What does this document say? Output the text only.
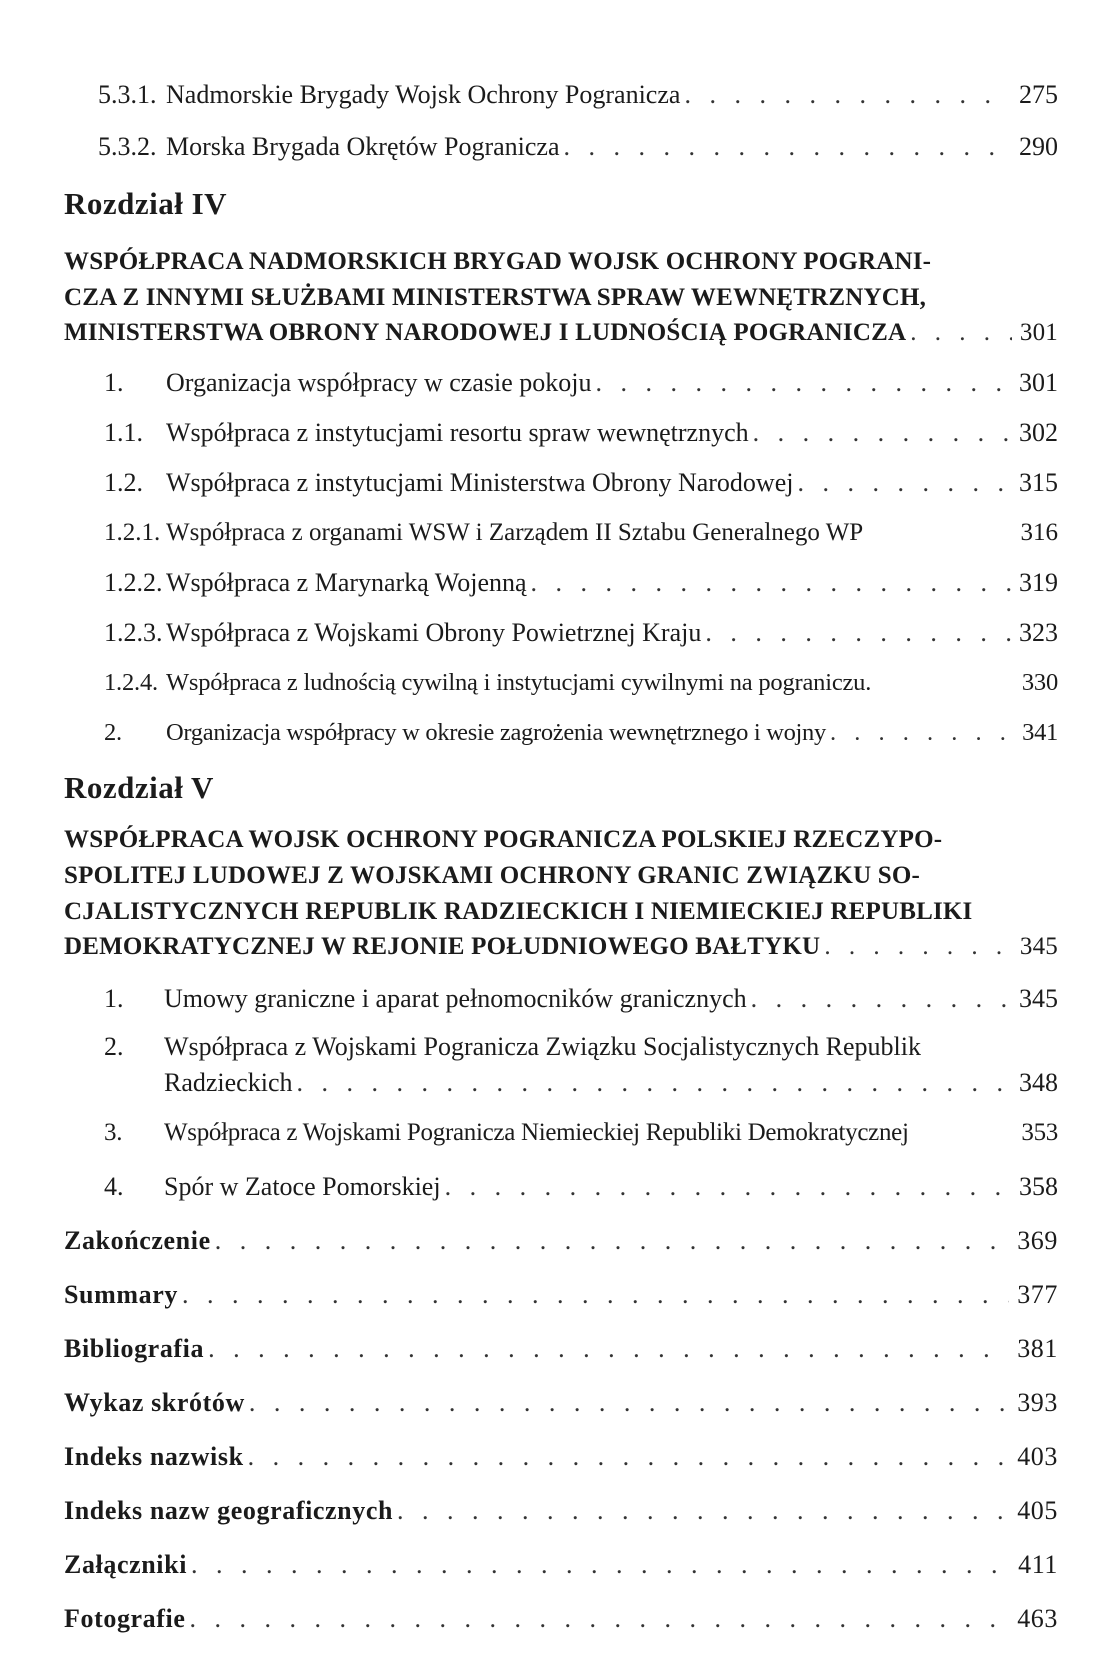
5.3.1. Nadmorskie Brygady Wojsk Ochrony Pogranicza . . .	275
5.3.2. Morska Brygada Okrętów Pogranicza . . .	290
Rozdział IV
WSPÓŁPRACA NADMORSKICH BRYGAD WOJSK OCHRONY POGRANI-
CZA Z INNYMI SŁUŻBAMI MINISTERSTWA SPRAW WEWNĘTRZNYCH,
MINISTERSTWA OBRONY NARODOWEJ I LUDNOŚCIĄ POGRANICZA . . .	301
1.	Organizacja współpracy w czasie pokoju . . .	301
1.1. Współpraca z instytucjami resortu spraw wewnętrznych . . .	302
1.2. Współpraca z instytucjami Ministerstwa Obrony Narodowej . . .	315
1.2.1. Współpraca z organami WSW i Zarządem II Sztabu Generalnego WP	316
1.2.2. Współpraca z Marynarką Wojenną . . .	319
1.2.3. Współpraca z Wojskami Obrony Powietrznej Kraju . . .	323
1.2.4. Współpraca z ludnością cywilną i instytucjami cywilnymi na pograniczu.	330
2.	Organizacja współpracy w okresie zagrożenia wewnętrznego i wojny . . .	341
Rozdział V
WSPÓŁPRACA WOJSK OCHRONY POGRANICZA POLSKIEJ RZECZYPO-
SPOLITEJ LUDOWEJ Z WOJSKAMI OCHRONY GRANIC ZWIĄZKU SO-
CJALISTYCZNYCH REPUBLIK RADZIECKICH I NIEMIECKIEJ REPUBLIKI
DEMOKRATYCZNEJ W REJONIE POŁUDNIOWEGO BAŁTYKU . . .	345
1.	Umowy graniczne i aparat pełnomocników granicznych . . .	345
2.	Współpraca z Wojskami Pogranicza Związku Socjalistycznych Republik
Radzieckich . . .	348
3.	Współpraca z Wojskami Pogranicza Niemieckiej Republiki Demokratycznej	353
4.	Spór w Zatoce Pomorskiej . . .	358
Zakończenie . . .	369
Summary . . .	377
Bibliografia . . .	381
Wykaz skrótów . . .	393
Indeks nazwisk . . .	403
Indeks nazw geograficznych . . .	405
Załączniki . . .	411
Fotografie . . .	463
